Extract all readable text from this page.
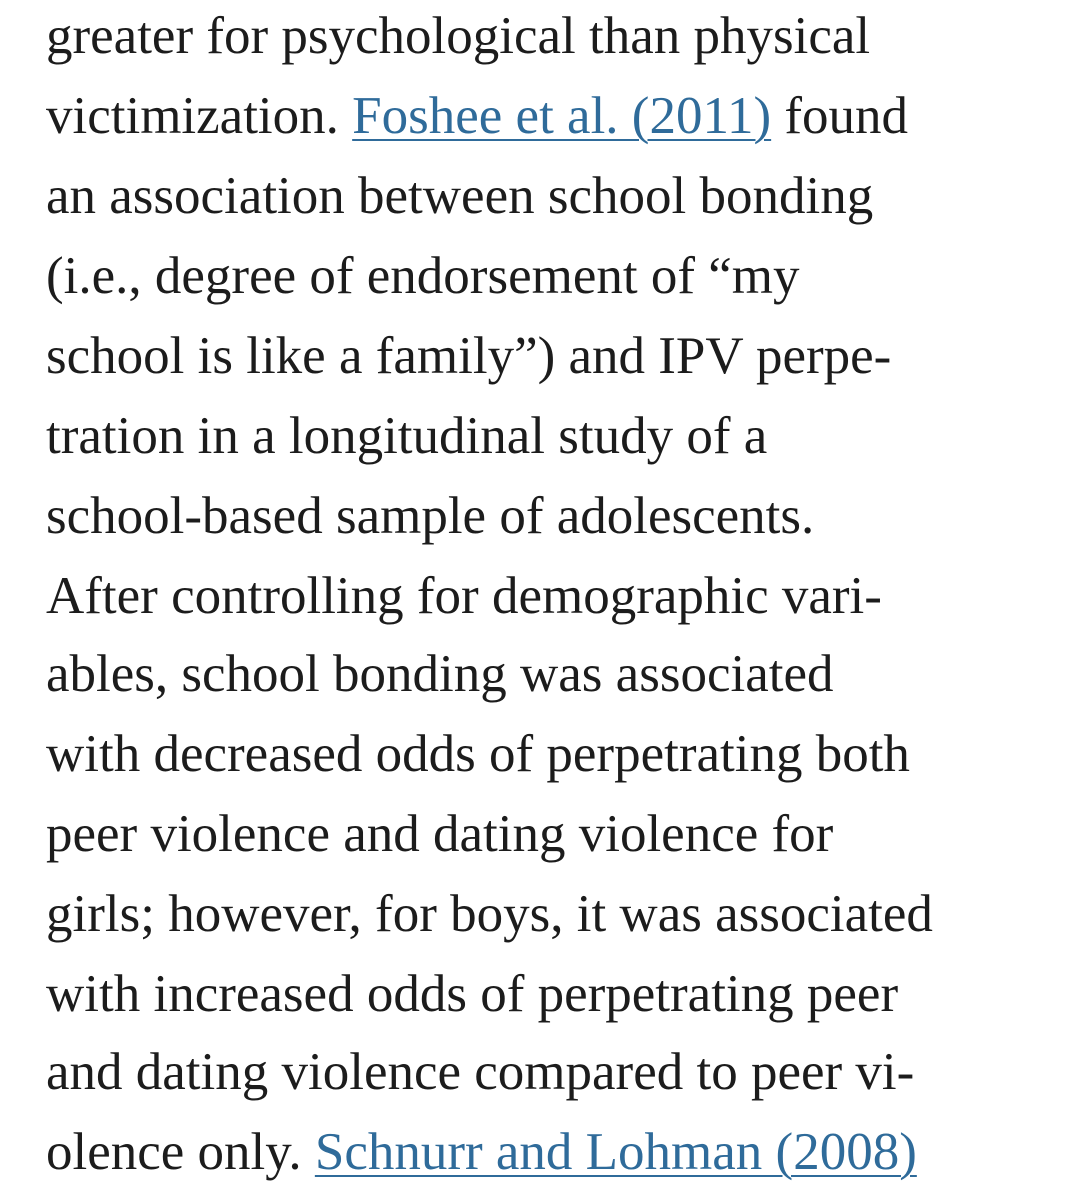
greater for psychological than physical
victimization. Foshee et al. (2011) found
an association between school bonding
(i.e., degree of endorsement of “my
school is like a family”) and IPV perpe-
tration in a longitudinal study of a
school-based sample of adolescents.
After controlling for demographic vari-
ables, school bonding was associated
with decreased odds of perpetrating both
peer violence and dating violence for
girls; however, for boys, it was associated
with increased odds of perpetrating peer
and dating violence compared to peer vi-
olence only. Schnurr and Lohman (2008)
